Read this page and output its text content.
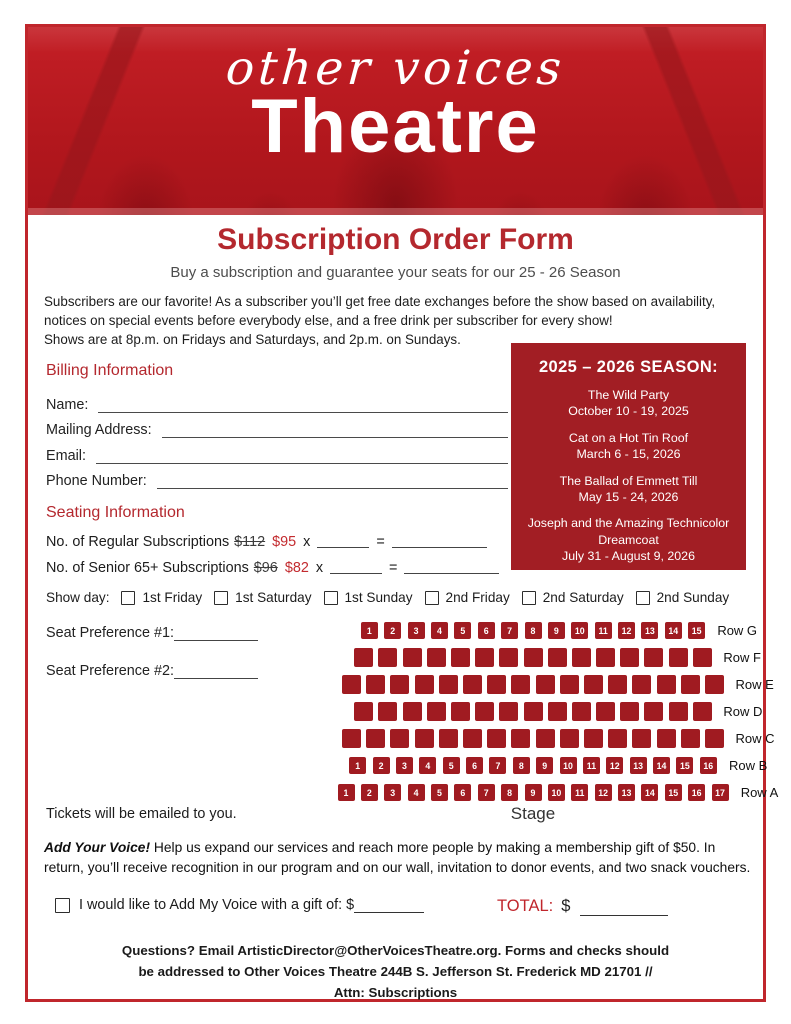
other voices
Theatre
Subscription Order Form
Buy a subscription and guarantee your seats for our 25 - 26 Season
Subscribers are our favorite! As a subscriber you’ll get free date exchanges before the show based on availability, notices on special events before everybody else, and a free drink per subscriber for every show!
Shows are at 8p.m. on Fridays and Saturdays, and 2p.m. on Sundays.
2025 – 2026 SEASON:
The Wild Party
October 10 - 19, 2025
Cat on a Hot Tin Roof
March 6 - 15, 2026
The Ballad of Emmett Till
May 15 - 24, 2026
Joseph and the Amazing Technicolor Dreamcoat
July 31 - August 9, 2026
Billing Information
Name:
Mailing Address:
Email:
Phone Number:
Seating Information
No. of Regular Subscriptions $112 $95 x	=
No. of Senior 65+ Subscriptions $96 $82 x	=
Show day: 1st Friday 1st Saturday 1st Sunday 2nd Friday 2nd Saturday 2nd Sunday
Seat Preference #1:
Seat Preference #2:
1	2	3	4	5	6	7	8	9	10	11	12	13	14	15 Row G
Row F
Row E
Row D
Row C
1	2	3	4	5	6	7	8	9	10	11	12	13	14	15	16 Row B
1	2	3	4	5	6	7	8	9	10	11	12	13	14	15	16	17 Row A
Tickets will be emailed to you.	Stage
Add Your Voice! Help us expand our services and reach more people by making a membership gift of $50. In return, you’ll receive recognition in our program and on our wall, invitation to donor events, and two snack vouchers.
I would like to Add My Voice with a gift of: $	TOTAL: $
Questions? Email ArtisticDirector@OtherVoicesTheatre.org. Forms and checks should
be addressed to Other Voices Theatre 244B S. Jefferson St. Frederick MD 21701 //
Attn: Subscriptions
